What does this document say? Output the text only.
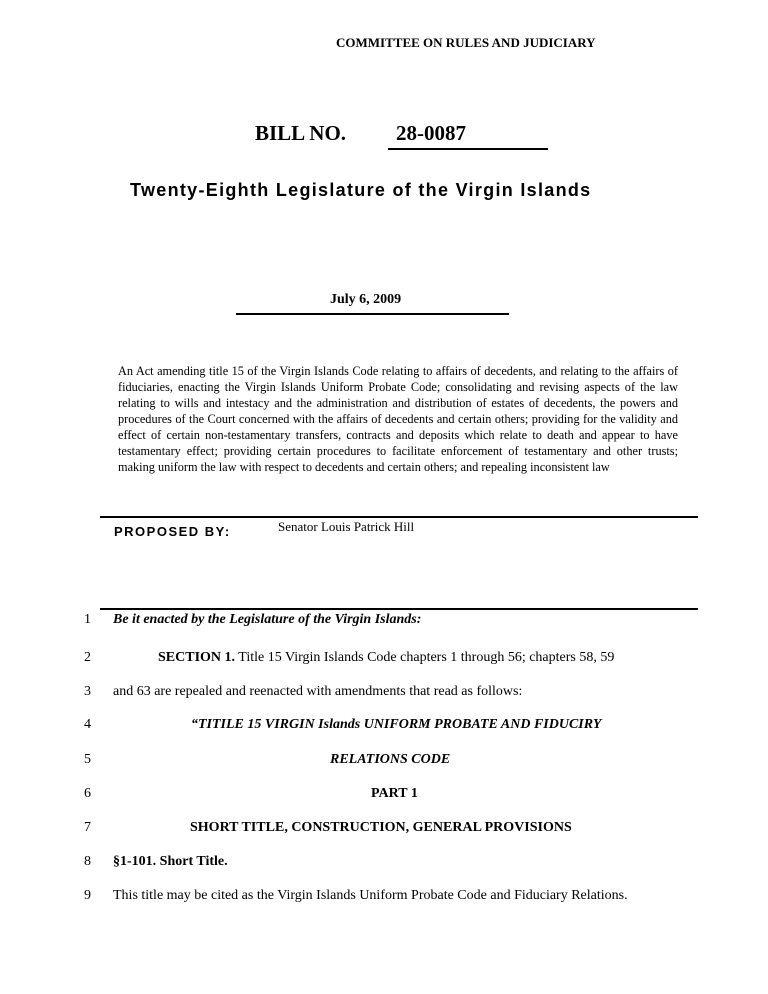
COMMITTEE ON RULES AND JUDICIARY
BILL NO. 28-0087
Twenty-Eighth Legislature of the Virgin Islands
July 6, 2009
An Act amending title 15 of the Virgin Islands Code relating to affairs of decedents, and relating to the affairs of fiduciaries, enacting the Virgin Islands Uniform Probate Code; consolidating and revising aspects of the law relating to wills and intestacy and the administration and distribution of estates of decedents, the powers and procedures of the Court concerned with the affairs of decedents and certain others; providing for the validity and effect of certain non-testamentary transfers, contracts and deposits which relate to death and appear to have testamentary effect; providing certain procedures to facilitate enforcement of testamentary and other trusts; making uniform the law with respect to decedents and certain others; and repealing inconsistent law
PROPOSED BY:	Senator Louis Patrick Hill
1 Be it enacted by the Legislature of the Virgin Islands:
2	SECTION 1. Title 15 Virgin Islands Code chapters 1 through 56; chapters 58, 59
3 and 63 are repealed and reenacted with amendments that read as follows:
4	“TITILE 15 VIRGIN Islands UNIFORM PROBATE AND FIDUCIRY
5	RELATIONS CODE
6	PART 1
7	SHORT TITLE, CONSTRUCTION, GENERAL PROVISIONS
8 §1-101. Short Title.
9 This title may be cited as the Virgin Islands Uniform Probate Code and Fiduciary Relations.
